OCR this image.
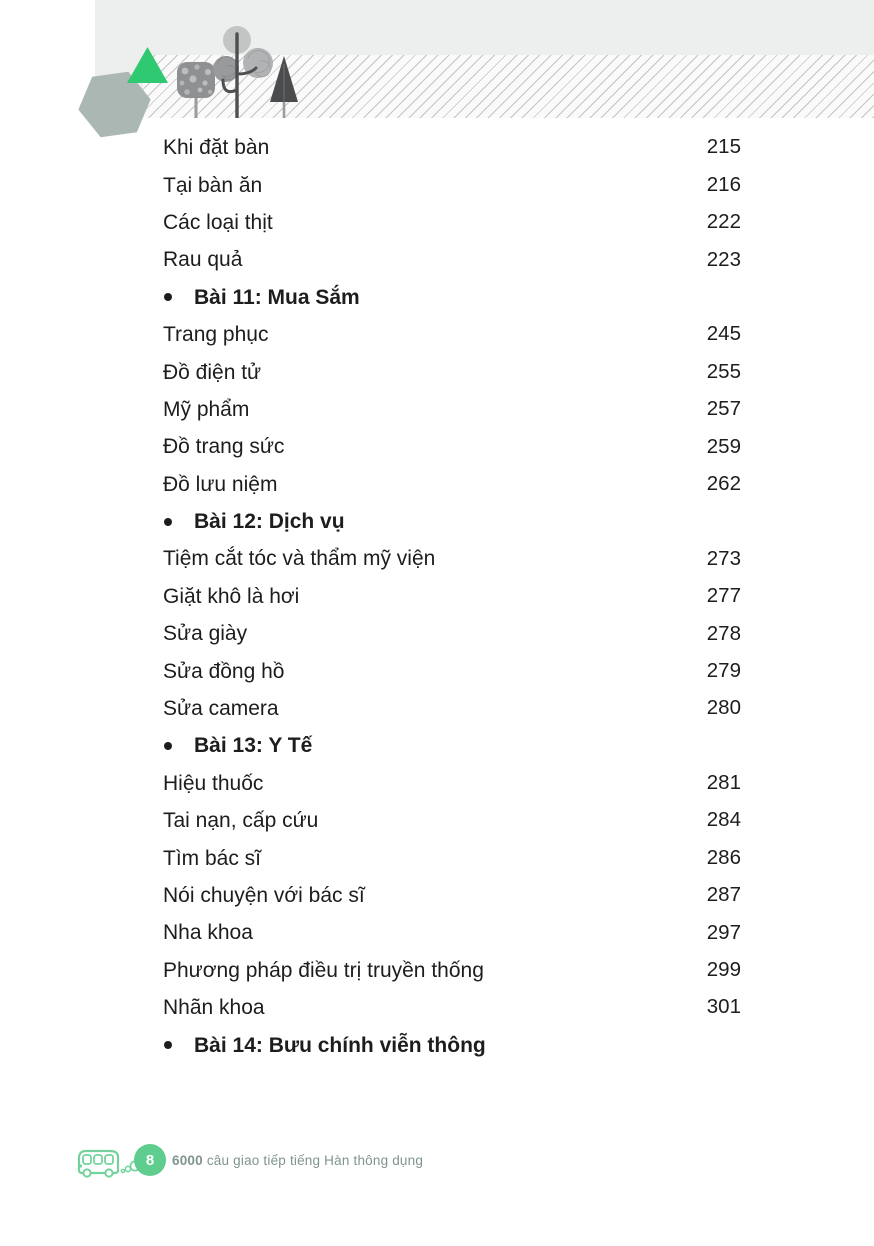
Khi đặt bàn	215
Tại bàn ăn	216
Các loại thịt	222
Rau quả	223
Bài 11: Mua Sắm
Trang phục	245
Đồ điện tử	255
Mỹ phẩm	257
Đồ trang sức	259
Đồ lưu niệm	262
Bài 12: Dịch vụ
Tiệm cắt tóc và thẩm mỹ viện	273
Giặt khô là hơi	277
Sửa giày	278
Sửa đồng hồ	279
Sửa camera	280
Bài 13: Y Tế
Hiệu thuốc	281
Tai nạn, cấp cứu	284
Tìm bác sĩ	286
Nói chuyện với bác sĩ	287
Nha khoa	297
Phương pháp điều trị truyền thống	299
Nhãn khoa	301
Bài 14: Bưu chính viễn thông
8 6000 câu giao tiếp tiếng Hàn thông dụng
